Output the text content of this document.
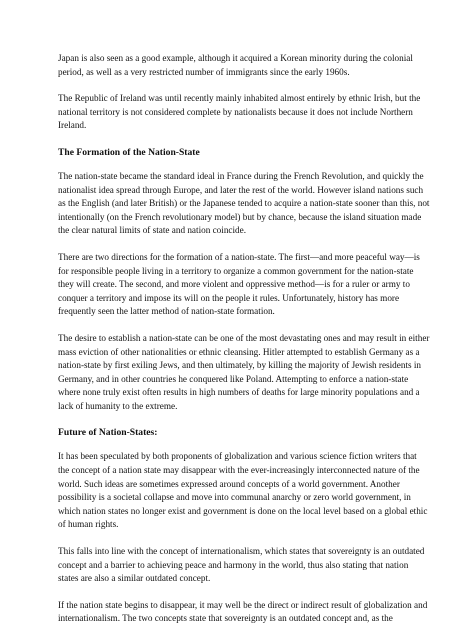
Japan is also seen as a good example, although it acquired a Korean minority during the colonial period, as well as a very restricted number of immigrants since the early 1960s.

The Republic of Ireland was until recently mainly inhabited almost entirely by ethnic Irish, but the national territory is not considered complete by nationalists because it does not include Northern Ireland.

The Formation of the Nation-State

The nation-state became the standard ideal in France during the French Revolution, and quickly the nationalist idea spread through Europe, and later the rest of the world. However island nations such as the English (and later British) or the Japanese tended to acquire a nation-state sooner than this, not intentionally (on the French revolutionary model) but by chance, because the island situation made the clear natural limits of state and nation coincide.

There are two directions for the formation of a nation-state. The first—and more peaceful way—is for responsible people living in a territory to organize a common government for the nation-state they will create. The second, and more violent and oppressive method—is for a ruler or army to conquer a territory and impose its will on the people it rules. Unfortunately, history has more frequently seen the latter method of nation-state formation.

The desire to establish a nation-state can be one of the most devastating ones and may result in either mass eviction of other nationalities or ethnic cleansing. Hitler attempted to establish Germany as a nation-state by first exiling Jews, and then ultimately, by killing the majority of Jewish residents in Germany, and in other countries he conquered like Poland. Attempting to enforce a nation-state where none truly exist often results in high numbers of deaths for large minority populations and a lack of humanity to the extreme.

Future of Nation-States:

It has been speculated by both proponents of globalization and various science fiction writers that the concept of a nation state may disappear with the ever-increasingly interconnected nature of the world. Such ideas are sometimes expressed around concepts of a world government. Another possibility is a societal collapse and move into communal anarchy or zero world government, in which nation states no longer exist and government is done on the local level based on a global ethic of human rights.

This falls into line with the concept of internationalism, which states that sovereignty is an outdated concept and a barrier to achieving peace and harmony in the world, thus also stating that nation states are also a similar outdated concept.

If the nation state begins to disappear, it may well be the direct or indirect result of globalization and internationalism. The two concepts state that sovereignty is an outdated concept and, as the
